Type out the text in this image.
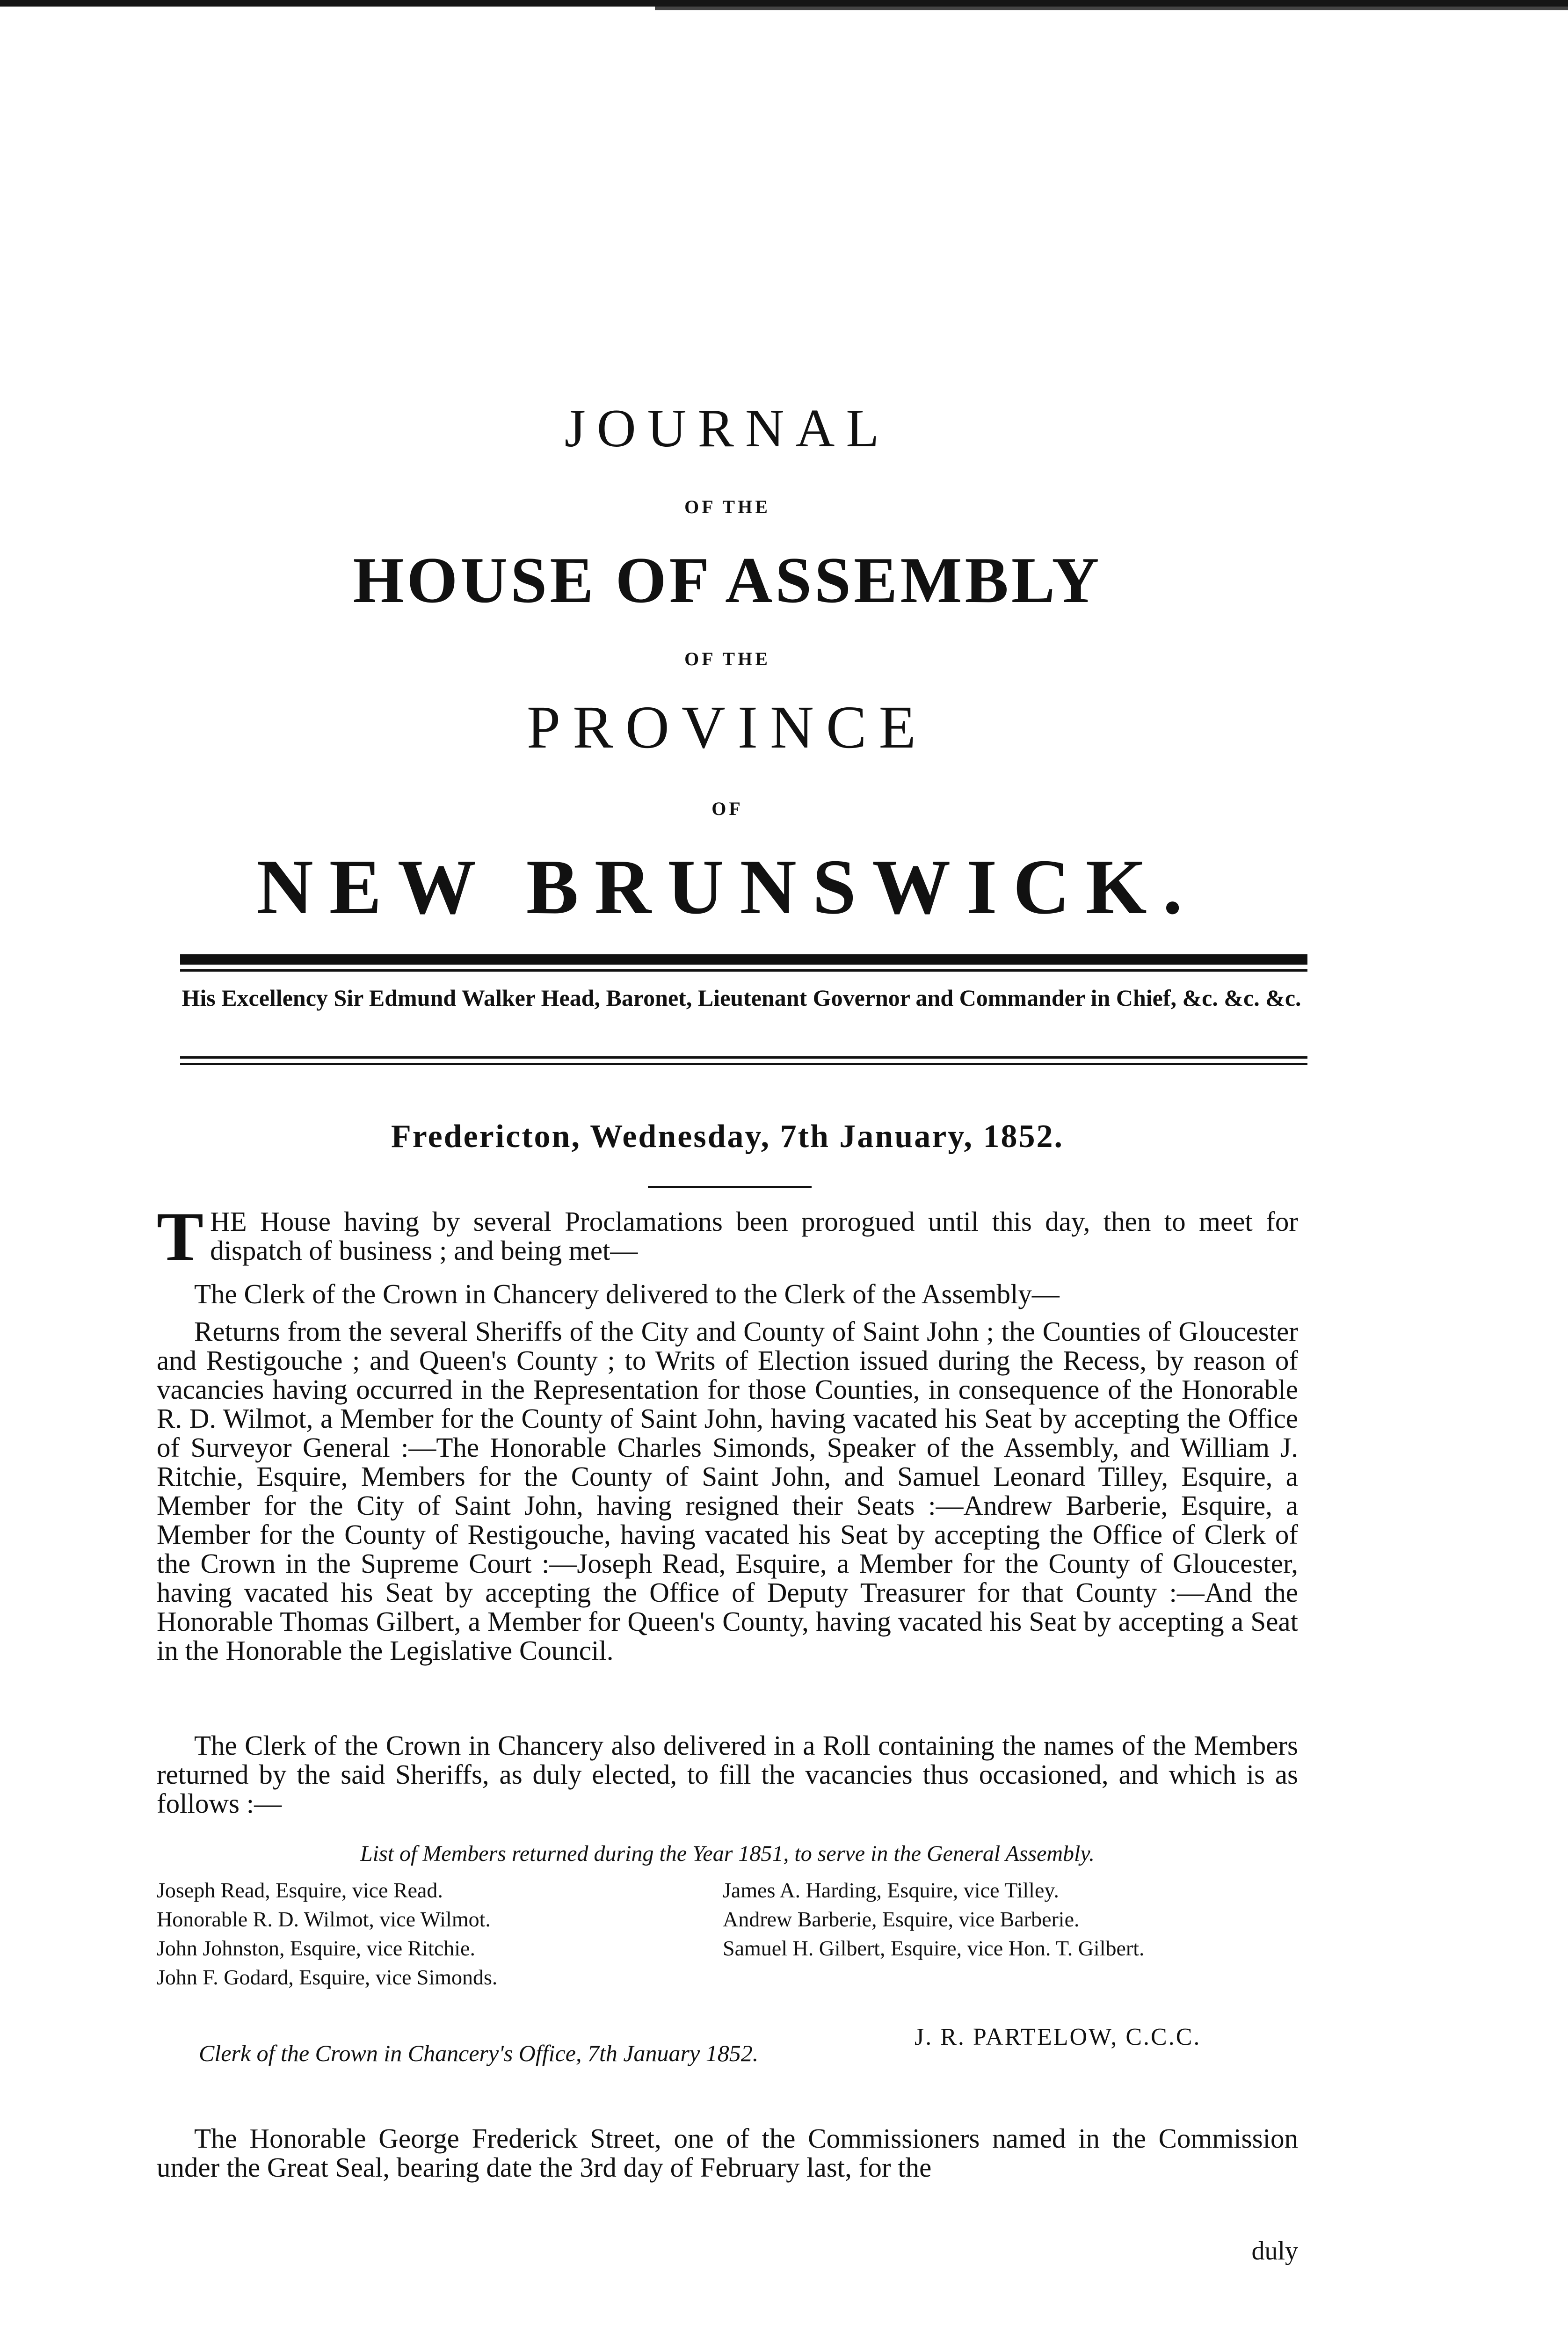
JOURNAL
OF THE
HOUSE OF ASSEMBLY
OF THE
PROVINCE
OF
NEW BRUNSWICK.
His Excellency Sir Edmund Walker Head, Baronet, Lieutenant Governor and Commander in Chief, &c. &c. &c.
Fredericton, Wednesday, 7th January, 1852.
THE House having by several Proclamations been prorogued until this day, then to meet for dispatch of business ; and being met—
The Clerk of the Crown in Chancery delivered to the Clerk of the Assembly—
Returns from the several Sheriffs of the City and County of Saint John ; the Counties of Gloucester and Restigouche ; and Queen's County ; to Writs of Election issued during the Recess, by reason of vacancies having occurred in the Representation for those Counties, in consequence of the Honorable R. D. Wilmot, a Member for the County of Saint John, having vacated his Seat by accepting the Office of Surveyor General :—The Honorable Charles Simonds, Speaker of the Assembly, and William J. Ritchie, Esquire, Members for the County of Saint John, and Samuel Leonard Tilley, Esquire, a Member for the City of Saint John, having resigned their Seats :—Andrew Barberie, Esquire, a Member for the County of Restigouche, having vacated his Seat by accepting the Office of Clerk of the Crown in the Supreme Court :—Joseph Read, Esquire, a Member for the County of Gloucester, having vacated his Seat by accepting the Office of Deputy Treasurer for that County :—And the Honorable Thomas Gilbert, a Member for Queen's County, having vacated his Seat by accepting a Seat in the Honorable the Legislative Council.
The Clerk of the Crown in Chancery also delivered in a Roll containing the names of the Members returned by the said Sheriffs, as duly elected, to fill the vacancies thus occasioned, and which is as follows :—
List of Members returned during the Year 1851, to serve in the General Assembly.
Joseph Read, Esquire, vice Read.
Honorable R. D. Wilmot, vice Wilmot.
John Johnston, Esquire, vice Ritchie.
John F. Godard, Esquire, vice Simonds.
James A. Harding, Esquire, vice Tilley.
Andrew Barberie, Esquire, vice Barberie.
Samuel H. Gilbert, Esquire, vice Hon. T. Gilbert.
Clerk of the Crown in Chancery's Office, 7th January 1852.
J. R. PARTELOW, C.C.C.
The Honorable George Frederick Street, one of the Commissioners named in the Commission under the Great Seal, bearing date the 3rd day of February last, for the
duly
